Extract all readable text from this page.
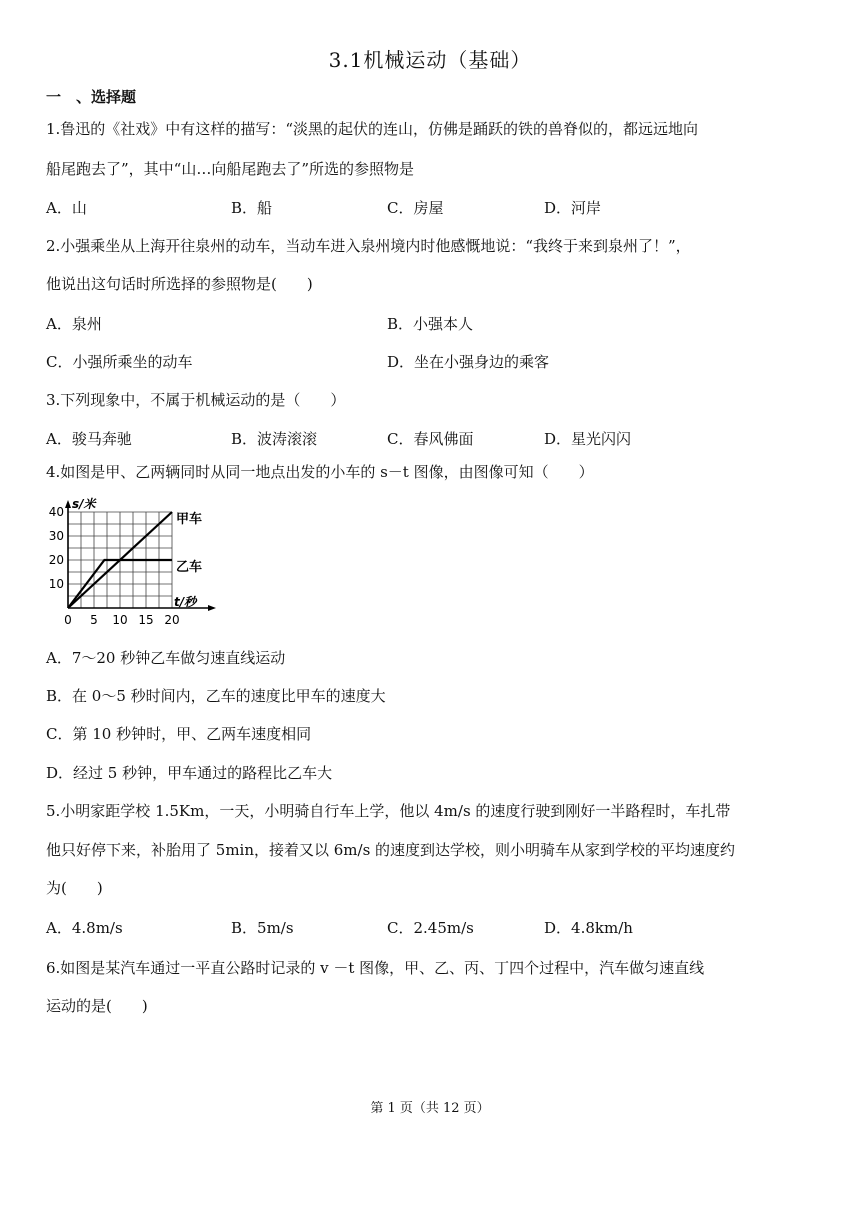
3.1机械运动（基础）
一　、选择题
1.鲁迅的《社戏》中有这样的描写：“淡黑的起伏的连山，仿佛是踊跃的铁的兽脊似的，都远远地向
船尾跑去了”，其中“山…向船尾跑去了”所选的参照物是
A．山	B．船	C．房屋	D．河岸
2.小强乘坐从上海开往泉州的动车，当动车进入泉州境内时他感慨地说：“我终于来到泉州了！”，
他说出这句话时所选择的参照物是(　　)
A．泉州	B．小强本人
C．小强所乘坐的动车	D．坐在小强身边的乘客
3.下列现象中，不属于机械运动的是（　　）
A．骏马奔驰	B．波涛滚滚	C．春风佛面	D．星光闪闪
4.如图是甲、乙两辆同时从同一地点出发的小车的 s－t 图像，由图像可知（　　）
0 5 10 15 20
10
20
30
40
s/米
t/秒
甲车
乙车
A．7～20 秒钟乙车做匀速直线运动
B．在 0～5 秒时间内，乙车的速度比甲车的速度大
C．第 10 秒钟时，甲、乙两车速度相同
D．经过 5 秒钟，甲车通过的路程比乙车大
5.小明家距学校 1.5Km，一天，小明骑自行车上学，他以 4m/s 的速度行驶到刚好一半路程时，车扎带
他只好停下来，补胎用了 5min，接着又以 6m/s 的速度到达学校，则小明骑车从家到学校的平均速度约
为(　　)
A．4.8m/s	B．5m/s	C．2.45m/s	D．4.8km/h
6.如图是某汽车通过一平直公路时记录的 v －t 图像，甲、乙、丙、丁四个过程中，汽车做匀速直线
运动的是(　　)
第 1 页（共 12 页）
